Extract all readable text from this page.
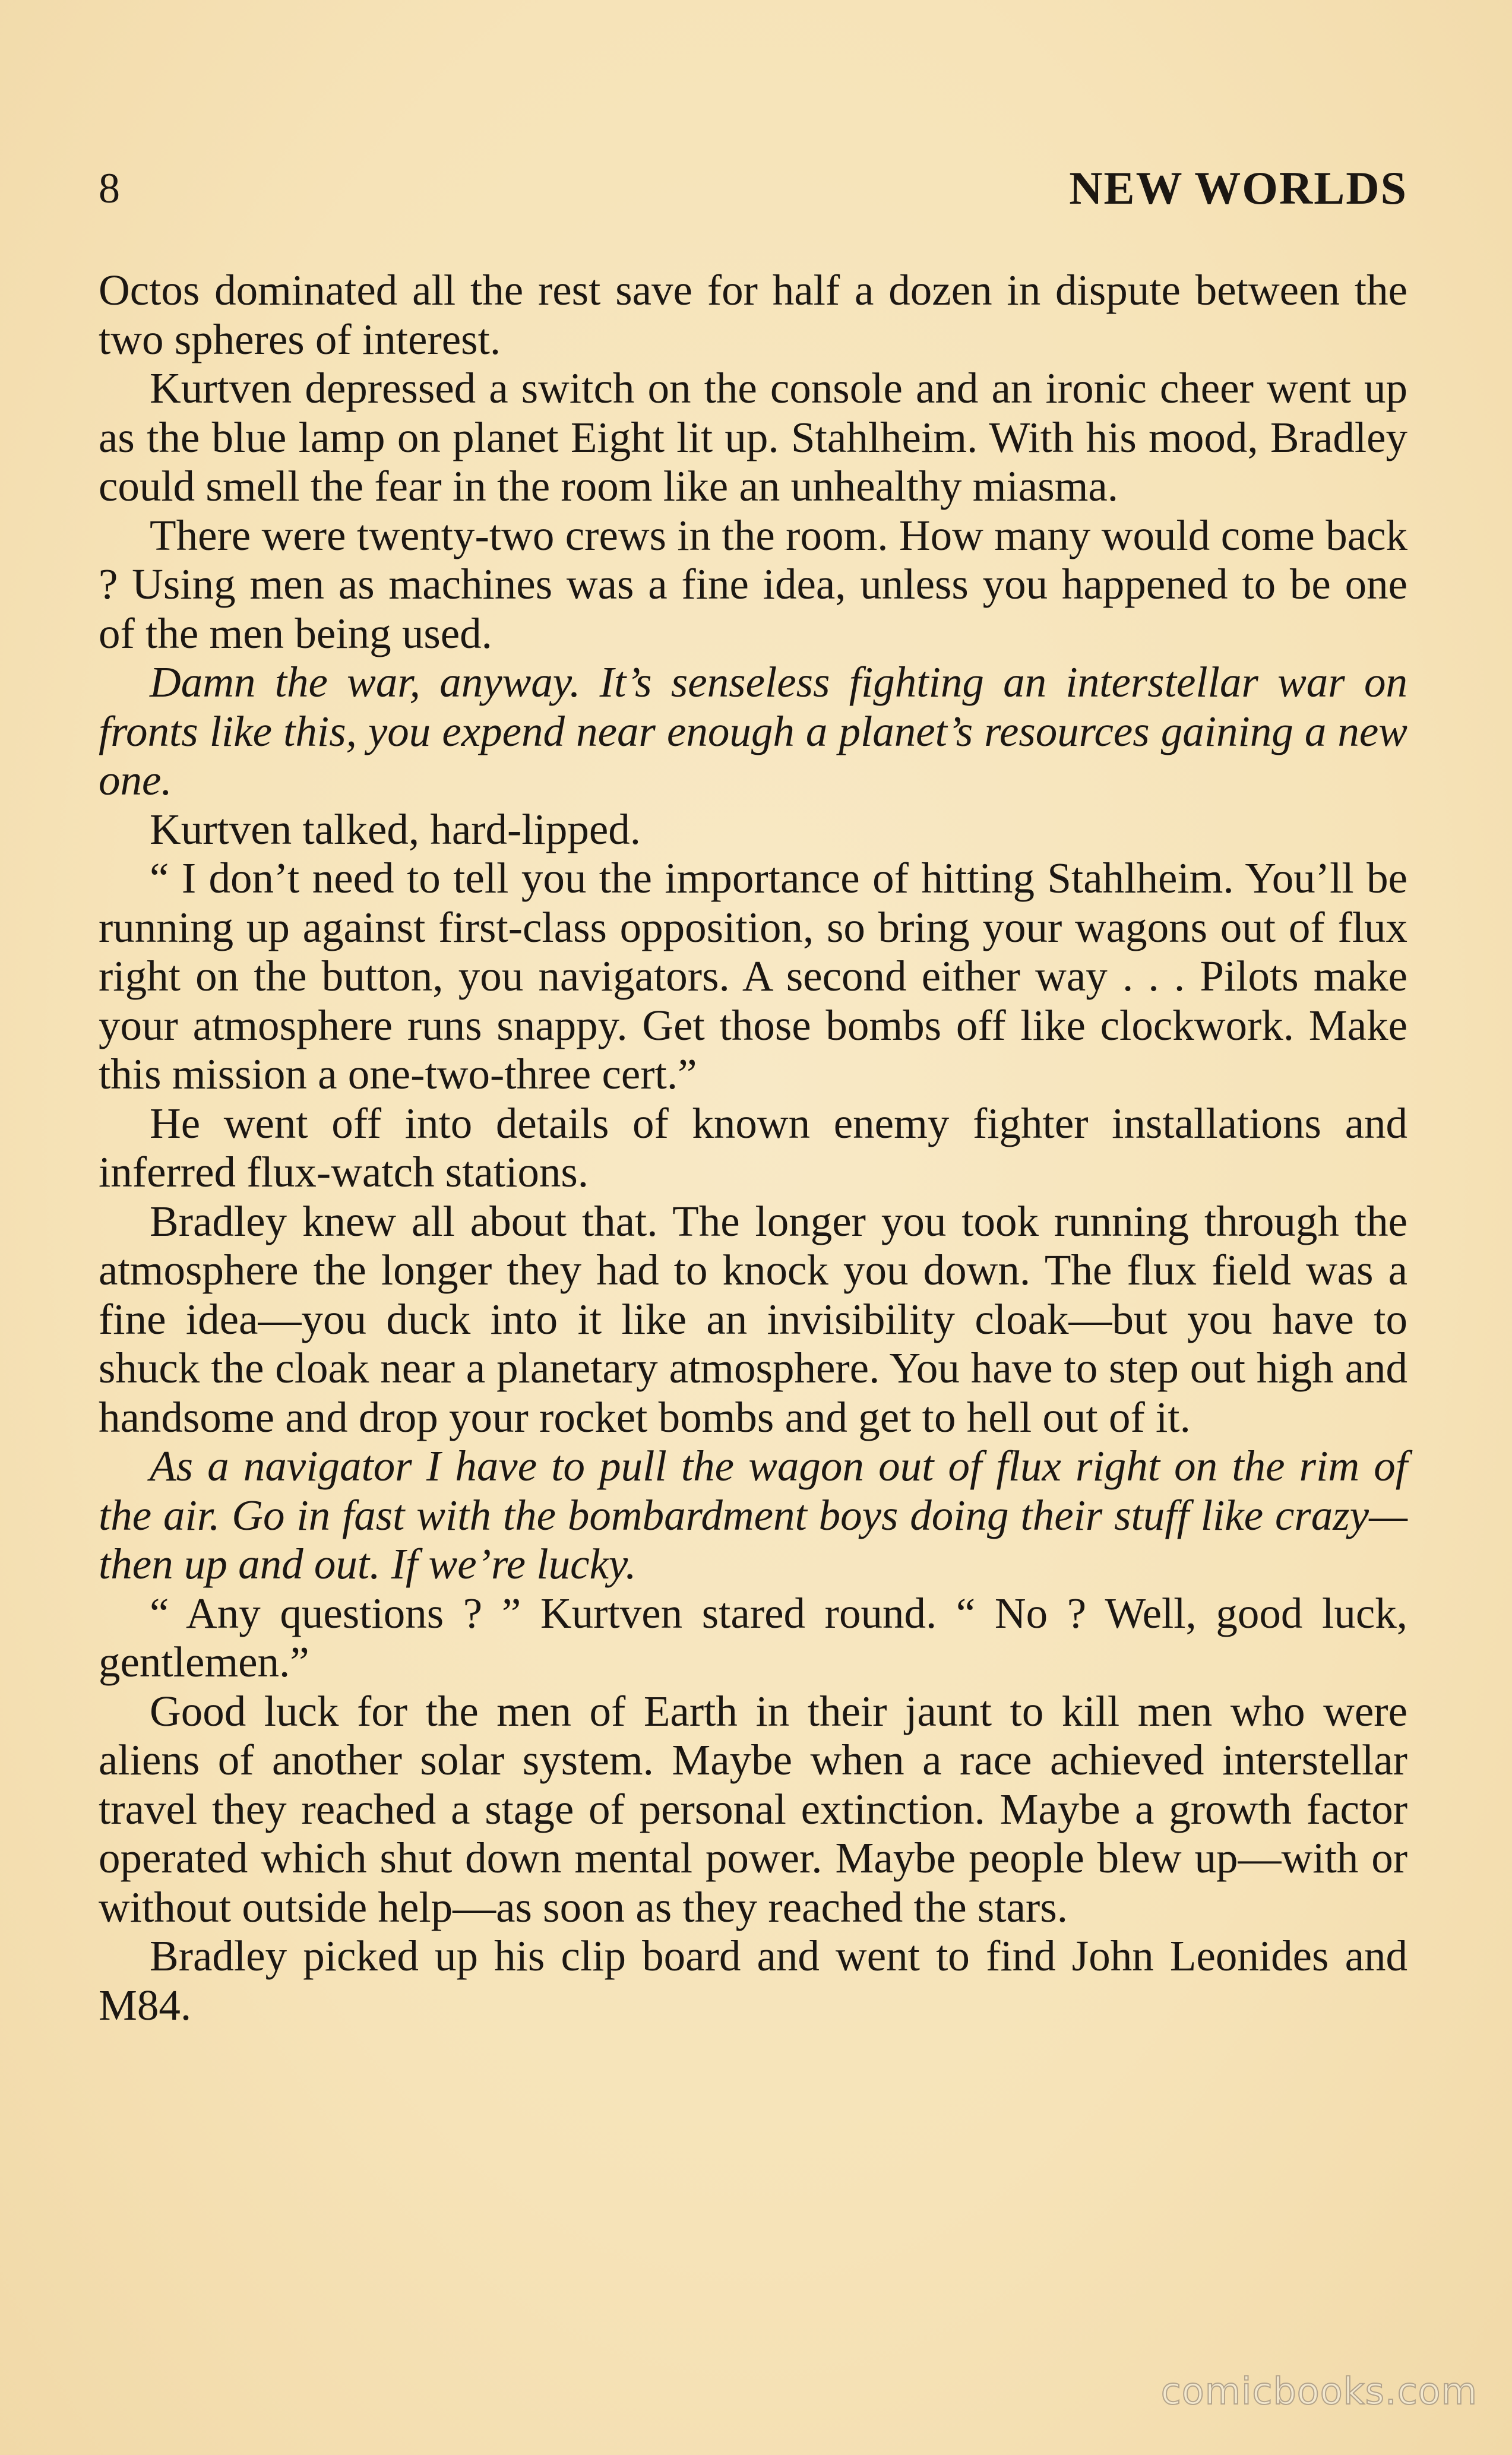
8	NEW WORLDS

Octos dominated all the rest save for half a dozen in dispute between the two spheres of interest.

Kurtven depressed a switch on the console and an ironic cheer went up as the blue lamp on planet Eight lit up. Stahlheim. With his mood, Bradley could smell the fear in the room like an unhealthy miasma.

There were twenty-two crews in the room. How many would come back ? Using men as machines was a fine idea, unless you happened to be one of the men being used.

Damn the war, anyway. It’s senseless fighting an interstellar war on fronts like this, you expend near enough a planet’s resources gaining a new one.

Kurtven talked, hard-lipped.

“ I don’t need to tell you the importance of hitting Stahlheim. You’ll be running up against first-class opposition, so bring your wagons out of flux right on the button, you navigators. A second either way . . . Pilots make your atmosphere runs snappy. Get those bombs off like clockwork. Make this mission a one-two-three cert.”

He went off into details of known enemy fighter installations and inferred flux-watch stations.

Bradley knew all about that. The longer you took running through the atmosphere the longer they had to knock you down. The flux field was a fine idea—you duck into it like an invisibility cloak—but you have to shuck the cloak near a planetary atmosphere. You have to step out high and handsome and drop your rocket bombs and get to hell out of it.

As a navigator I have to pull the wagon out of flux right on the rim of the air. Go in fast with the bombardment boys doing their stuff like crazy—then up and out. If we’re lucky.

“ Any questions ? ” Kurtven stared round. “ No ? Well, good luck, gentlemen.”

Good luck for the men of Earth in their jaunt to kill men who were aliens of another solar system. Maybe when a race achieved interstellar travel they reached a stage of personal extinction. Maybe a growth factor operated which shut down mental power. Maybe people blew up—with or without outside help—as soon as they reached the stars.

Bradley picked up his clip board and went to find John Leonides and M84.

comicbooks.com
